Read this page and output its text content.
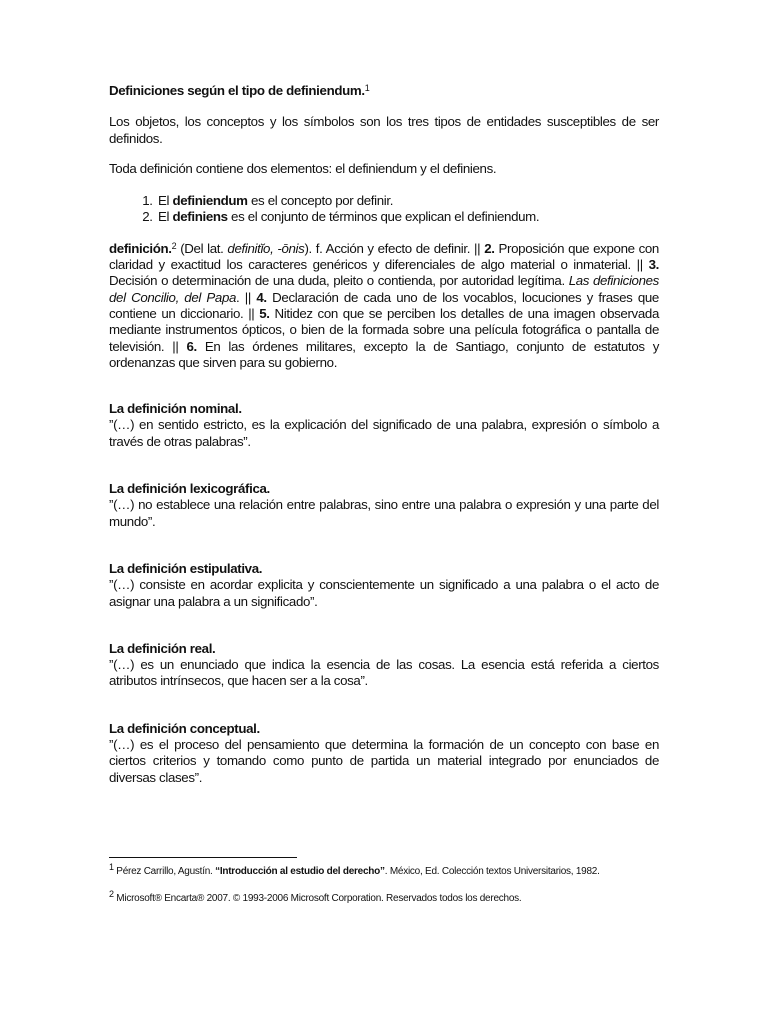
Definiciones según el tipo de definiendum.$^1$

Los objetos, los conceptos y los símbolos son los tres tipos de entidades susceptibles de ser definidos.

Toda definición contiene dos elementos: el definiendum y el definiens.

1. El definiendum es el concepto por definir.
2. El definiens es el conjunto de términos que explican el definiendum.

definición.$^2$ (Del lat. definitĭo, -ōnis). f. Acción y efecto de definir. || 2. Proposición que expone con claridad y exactitud los caracteres genéricos y diferenciales de algo material o inmaterial. || 3. Decisión o determinación de una duda, pleito o contienda, por autoridad legítima. Las definiciones del Concilio, del Papa. || 4. Declaración de cada uno de los vocablos, locuciones y frases que contiene un diccionario. || 5. Nitidez con que se perciben los detalles de una imagen observada mediante instrumentos ópticos, o bien de la formada sobre una película fotográfica o pantalla de televisión. || 6. En las órdenes militares, excepto la de Santiago, conjunto de estatutos y ordenanzas que sirven para su gobierno.

La definición nominal.

”(…) en sentido estricto, es la explicación del significado de una palabra, expresión o símbolo a través de otras palabras”.

La definición lexicográfica.

”(…) no establece una relación entre palabras, sino entre una palabra o expresión y una parte del mundo”.

La definición estipulativa.

”(…) consiste en acordar explicita y conscientemente un significado a una palabra o el acto de asignar una palabra a un significado”.

La definición real.

”(…) es un enunciado que indica la esencia de las cosas. La esencia está referida a ciertos atributos intrínsecos, que hacen ser a la cosa”.

La definición conceptual.

”(…) es el proceso del pensamiento que determina la formación de un concepto con base en ciertos criterios y tomando como punto de partida un material integrado por enunciados de diversas clases”.

$^1$ Pérez Carrillo, Agustín. “Introducción al estudio del derecho”. México, Ed. Colección textos Universitarios, 1982.

$^2$ Microsoft® Encarta® 2007. © 1993-2006 Microsoft Corporation. Reservados todos los derechos.
